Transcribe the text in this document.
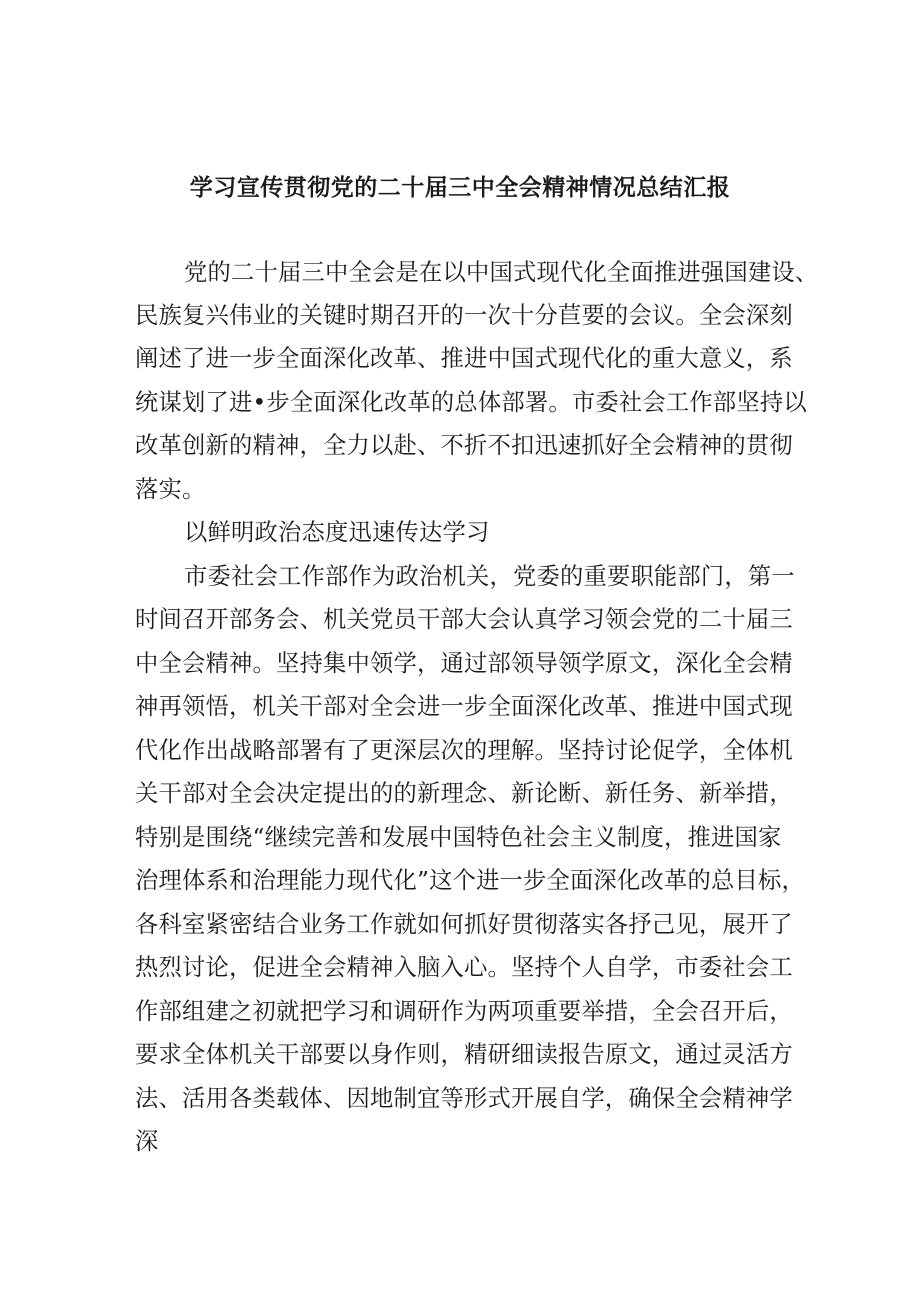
学习宣传贯彻党的二十届三中全会精神情况总结汇报
党的二十届三中全会是在以中国式现代化全面推进强国建设、
民族复兴伟业的关键时期召开的一次十分苣要的会议。全会深刻
阐述了进一步全面深化改革、推进中国式现代化的重大意义，系
统谋划了进•步全面深化改革的总体部署。市委社会工作部坚持以
改革创新的精神，全力以赴、不折不扣迅速抓好全会精神的贯彻
落实。
以鲜明政治态度迅速传达学习
市委社会工作部作为政治机关，党委的重要职能部门，第一
时间召开部务会、机关党员干部大会认真学习领会党的二十届三
中全会精神。坚持集中领学，通过部领导领学原文，深化全会精
神再领悟，机关干部对全会进一步全面深化改革、推进中国式现
代化作出战略部署有了更深层次的理解。坚持讨论促学，全体机
关干部对全会决定提出的的新理念、新论断、新任务、新举措，
特别是围绕“继续完善和发展中国特色社会主义制度，推进国家
治理体系和治理能力现代化”这个进一步全面深化改革的总目标，
各科室紧密结合业务工作就如何抓好贯彻落实各抒己见，展开了
热烈讨论，促进全会精神入脑入心。坚持个人自学，市委社会工
作部组建之初就把学习和调研作为两项重要举措，全会召开后，
要求全体机关干部要以身作则，精研细读报告原文，通过灵活方
法、活用各类载体、因地制宜等形式开展自学，确保全会精神学
深
